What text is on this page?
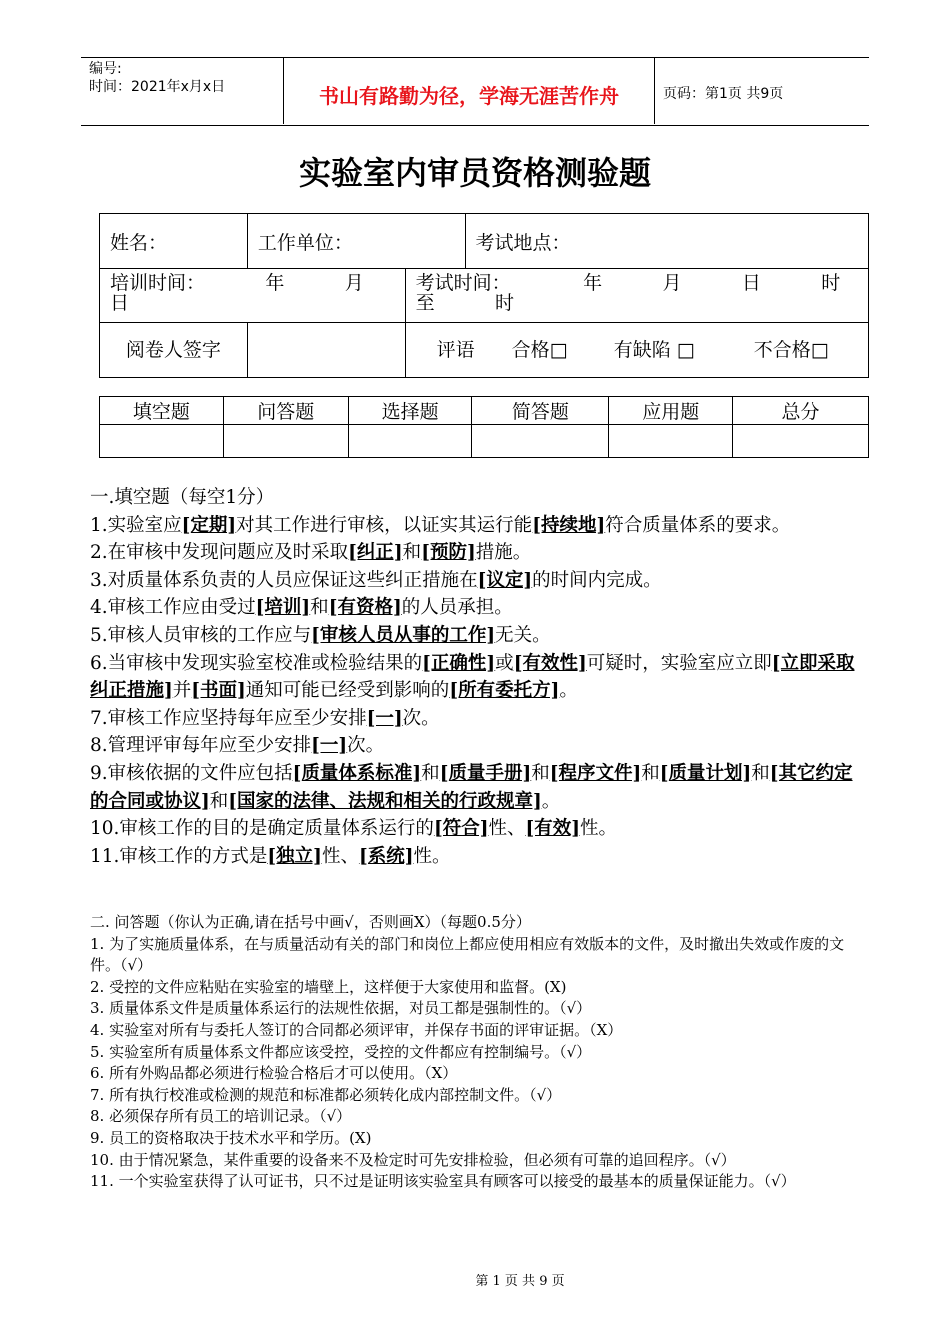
编号:
时间：2021年x月x日	书山有路勤为径，学海无涯苦作舟	页码：第1页 共9页
实验室内审员资格测验题
姓名：	工作单位：		考试地点：
培训时间：          年          月          日		考试时间：            年          月          日          时至          时	
阅卷人签字		评语 合格□ 有缺陷 □ 不合格□	
填空题	问答题	选择题	简答题	应用题	总分

一.填空题（每空1分）

1.实验室应[定期]对其工作进行审核，以证实其运行能[持续地]符合质量体系的要求。

2.在审核中发现问题应及时采取[纠正]和[预防]措施。

3.对质量体系负责的人员应保证这些纠正措施在[议定]的时间内完成。

4.审核工作应由受过[培训]和[有资格]的人员承担。

5.审核人员审核的工作应与[审核人员从事的工作]无关。

6.当审核中发现实验室校准或检验结果的[正确性]或[有效性]可疑时，实验室应立即[立即采取纠正措施]并[书面]通知可能已经受到影响的[所有委托方]。

7.审核工作应坚持每年应至少安排[一]次。

8.管理评审每年应至少安排[一]次。

9.审核依据的文件应包括[质量体系标准]和[质量手册]和[程序文件]和[质量计划]和[其它约定的合同或协议]和[国家的法律、法规和相关的行政规章]。

10.审核工作的目的是确定质量体系运行的[符合]性、[有效]性。

11.审核工作的方式是[独立]性、[系统]性。

二. 问答题（你认为正确,请在括号中画√，否则画X）（每题0.5分）

1. 为了实施质量体系，在与质量活动有关的部门和岗位上都应使用相应有效版本的文件，及时撤出失效或作废的文件。（√）

2. 受控的文件应粘贴在实验室的墙壁上，这样便于大家使用和监督。(X)

3. 质量体系文件是质量体系运行的法规性依据，对员工都是强制性的。（√）

4. 实验室对所有与委托人签订的合同都必须评审，并保存书面的评审证据。（X）

5. 实验室所有质量体系文件都应该受控，受控的文件都应有控制编号。（√）

6. 所有外购品都必须进行检验合格后才可以使用。（X）

7. 所有执行校准或检测的规范和标准都必须转化成内部控制文件。（√）

8. 必须保存所有员工的培训记录。（√）

9. 员工的资格取决于技术水平和学历。(X)

10. 由于情况紧急，某件重要的设备来不及检定时可先安排检验，但必须有可靠的追回程序。（√）

11. 一个实验室获得了认可证书，只不过是证明该实验室具有顾客可以接受的最基本的质量保证能力。（√）

第 1 页 共 9 页
